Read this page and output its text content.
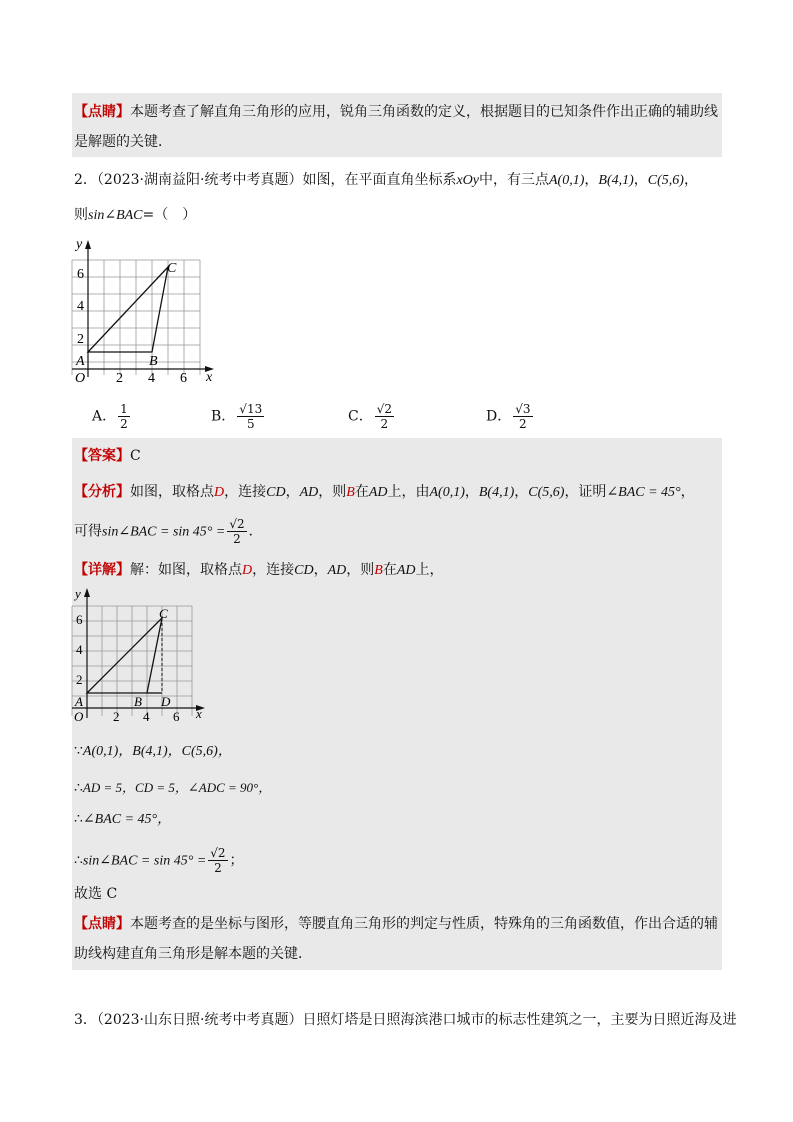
【点睛】本题考查了解直角三角形的应用，锐角三角函数的定义，根据题目的已知条件作出正确的辅助线
是解题的关键．
2．（2023·湖南益阳·统考中考真题）如图，在平面直角坐标系xOy中，有三点A(0,1)，B(4,1)，C(5,6)，
则sin∠BAC=（　）
y
x
O 2 4 6
2
4
6
A	B
C
A． $\frac{1}{2}$	B． $\frac{√13}{5}$	C． $\frac{√2}{2}$	D． $\frac{√3}{2}$
【答案】C
【分析】如图，取格点D，连接CD，AD，则B在AD上，由A(0,1)，B(4,1)，C(5,6)，证明∠BAC = 45°，
可得sin∠BAC = $\sin 45^\circ = \frac{√2}{2}$ ．
【详解】解：如图，取格点D，连接CD，AD，则B在AD上，
y
x
O 2 4 6
2
4
6
A	B
C
D
∵A(0,1)，B(4,1)，C(5,6)，
∴AD = 5，CD = 5，∠ADC = 90°，
∴∠BAC = 45°，
∴sin∠BAC = $\sin 45^\circ = \frac{√2}{2}$ ；
故选 C
【点睛】本题考查的是坐标与图形，等腰直角三角形的判定与性质，特殊角的三角函数值，作出合适的辅
助线构建直角三角形是解本题的关键．
3．（2023·山东日照·统考中考真题）日照灯塔是日照海滨港口城市的标志性建筑之一，主要为日照近海及进
